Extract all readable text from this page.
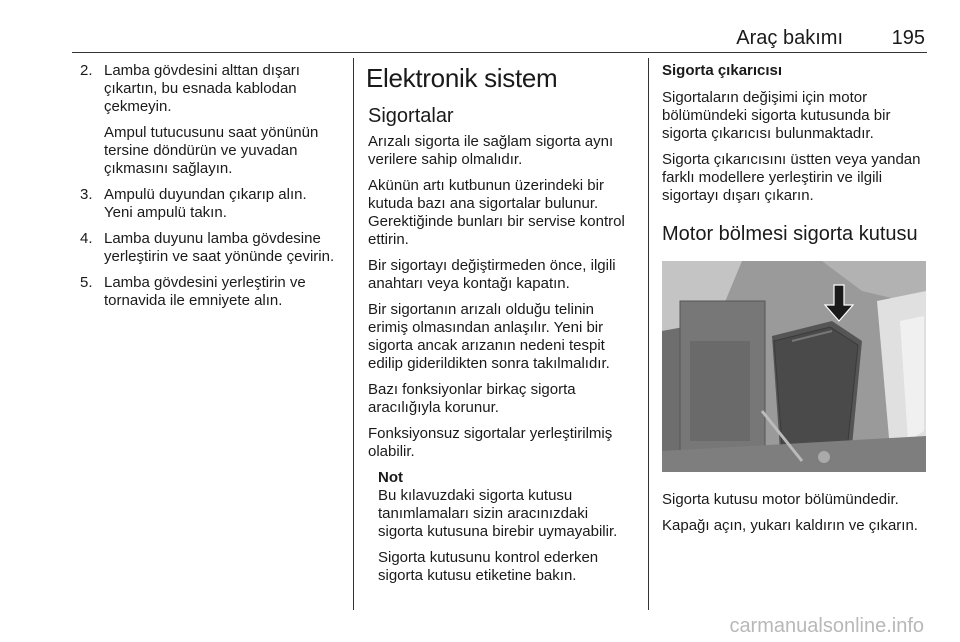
Araç bakımı 195
2. Lamba gövdesini alttan dışarı çıkartın, bu esnada kablodan çekmeyin.

Ampul tutucusunu saat yönünün tersine döndürün ve yuvadan çıkmasını sağlayın.

3. Ampulü duyundan çıkarıp alın. Yeni ampulü takın.

4. Lamba duyunu lamba gövdesine yerleştirin ve saat yönünde çevirin.

5. Lamba gövdesini yerleştirin ve tornavida ile emniyete alın.

Elektronik sistem
Sigortalar

Arızalı sigorta ile sağlam sigorta aynı verilere sahip olmalıdır.

Akünün artı kutbunun üzerindeki bir kutuda bazı ana sigortalar bulunur. Gerektiğinde bunları bir servise kontrol ettirin.

Bir sigortayı değiştirmeden önce, ilgili anahtarı veya kontağı kapatın.

Bir sigortanın arızalı olduğu telinin erimiş olmasından anlaşılır. Yeni bir sigorta ancak arızanın nedeni tespit edilip giderildikten sonra takılmalıdır.

Bazı fonksiyonlar birkaç sigorta aracılığıyla korunur.

Fonksiyonsuz sigortalar yerleştirilmiş olabilir.

Not

Bu kılavuzdaki sigorta kutusu tanımlamaları sizin aracınızdaki sigorta kutusuna birebir uymayabilir.

Sigorta kutusunu kontrol ederken sigorta kutusu etiketine bakın.

Sigorta çıkarıcısı

Sigortaların değişimi için motor bölümündeki sigorta kutusunda bir sigorta çıkarıcısı bulunmaktadır.

Sigorta çıkarıcısını üstten veya yandan farklı modellere yerleştirin ve ilgili sigortayı dışarı çıkarın.

Motor bölmesi sigorta kutusu

Sigorta kutusu motor bölümündedir.

Kapağı açın, yukarı kaldırın ve çıkarın.

carmanualsonline.info
